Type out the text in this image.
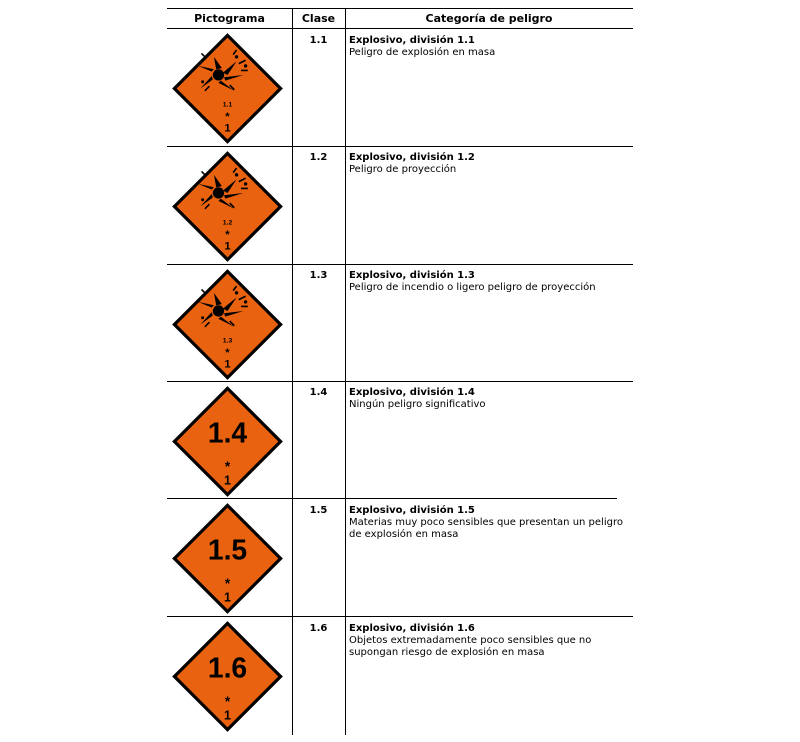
Pictograma	Clase	Categoría de peligro
1.1
*
1
1.1	Explosivo, división 1.1
Peligro de explosión en masa
1.2
*
1
1.2	Explosivo, división 1.2
Peligro de proyección
1.3
*
1
1.3	Explosivo, división 1.3
Peligro de incendio o ligero peligro de proyección
1.4
*
1
1.4	Explosivo, división 1.4
Ningún peligro significativo
1.5
*
1
1.5	Explosivo, división 1.5
Materias muy poco sensibles que presentan un peligro de explosión en masa
1.6
*
1
1.6	Explosivo, división 1.6
Objetos extremadamente poco sensibles que no supongan riesgo de explosión en masa
